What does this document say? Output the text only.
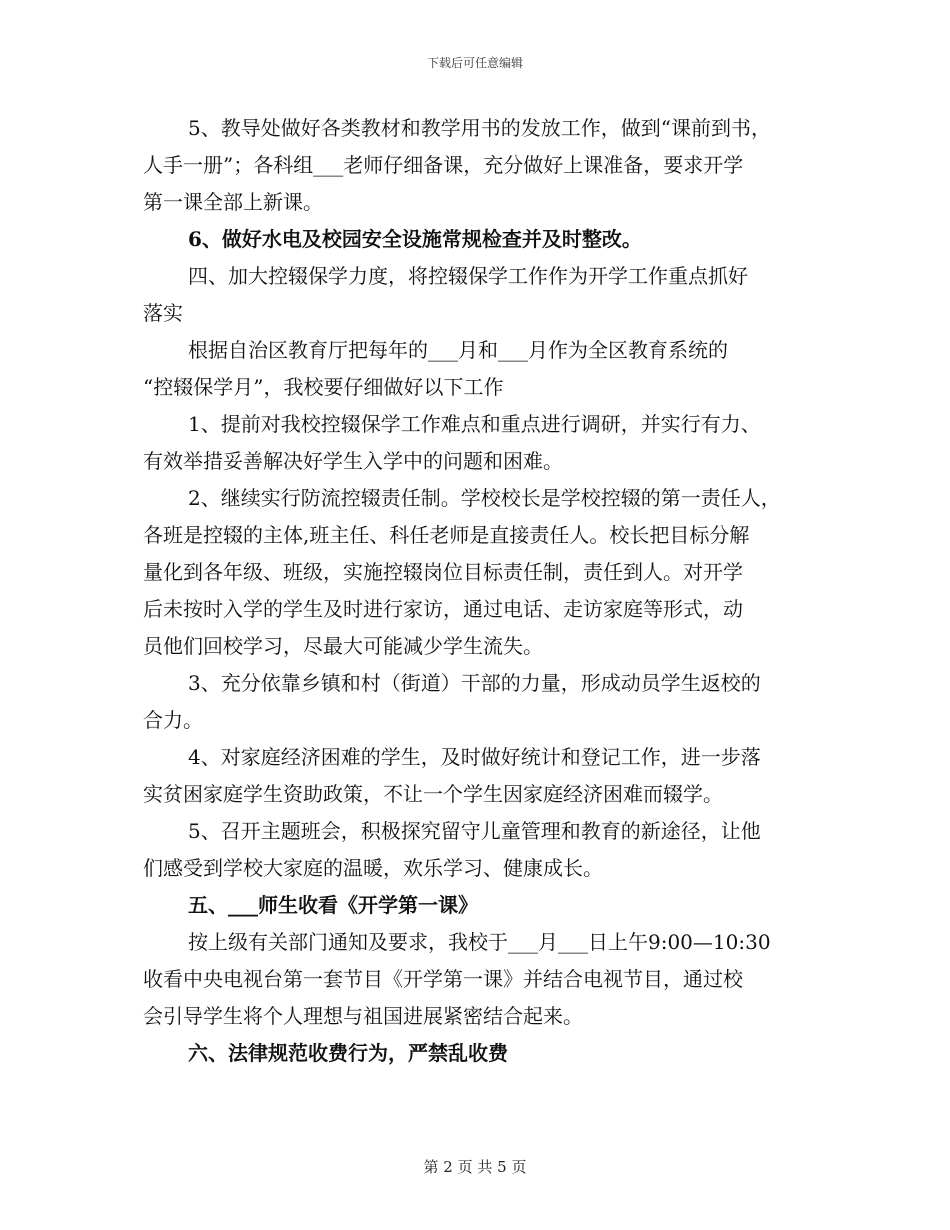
下载后可任意编辑
5、教导处做好各类教材和教学用书的发放工作，做到“课前到书，
人手一册”；各科组___老师仔细备课，充分做好上课准备，要求开学
第一课全部上新课。
6、做好水电及校园安全设施常规检查并及时整改。
四、加大控辍保学力度，将控辍保学工作作为开学工作重点抓好
落实
根据自治区教育厅把每年的___月和___月作为全区教育系统的
“控辍保学月”，我校要仔细做好以下工作
1、提前对我校控辍保学工作难点和重点进行调研，并实行有力、
有效举措妥善解决好学生入学中的问题和困难。
2、继续实行防流控辍责任制。学校校长是学校控辍的第一责任人，
各班是控辍的主体,班主任、科任老师是直接责任人。校长把目标分解
量化到各年级、班级，实施控辍岗位目标责任制，责任到人。对开学
后未按时入学的学生及时进行家访，通过电话、走访家庭等形式，动
员他们回校学习，尽最大可能减少学生流失。
3、充分依靠乡镇和村（街道）干部的力量，形成动员学生返校的
合力。
4、对家庭经济困难的学生，及时做好统计和登记工作，进一步落
实贫困家庭学生资助政策，不让一个学生因家庭经济困难而辍学。
5、召开主题班会，积极探究留守儿童管理和教育的新途径，让他
们感受到学校大家庭的温暖，欢乐学习、健康成长。
五、___师生收看《开学第一课》
按上级有关部门通知及要求，我校于___月___日上午9:00—10:30
收看中央电视台第一套节目《开学第一课》并结合电视节目，通过校
会引导学生将个人理想与祖国进展紧密结合起来。
六、法律规范收费行为，严禁乱收费
第 2 页 共 5 页
